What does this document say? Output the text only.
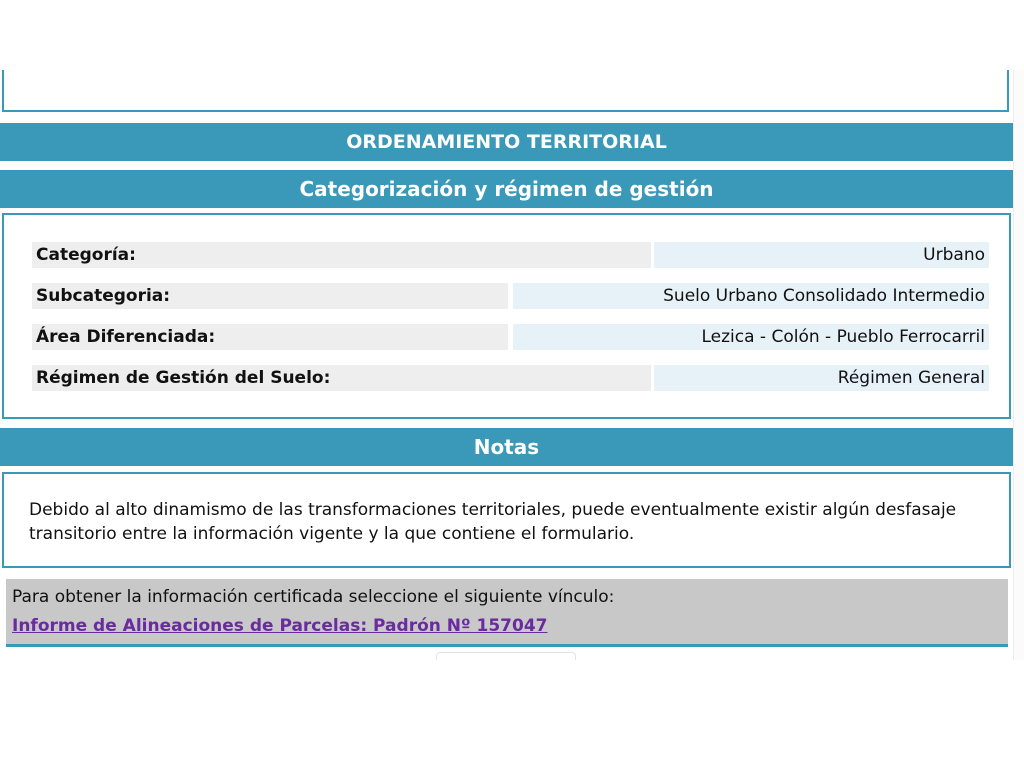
ORDENAMIENTO TERRITORIAL
Categorización y régimen de gestión
Categoría:	Urbano
Subcategoria:	Suelo Urbano Consolidado Intermedio
Área Diferenciada:	Lezica - Colón - Pueblo Ferrocarril
Régimen de Gestión del Suelo:	Régimen General
Notas
Debido al alto dinamismo de las transformaciones territoriales, puede eventualmente existir algún desfasaje transitorio entre la información vigente y la que contiene el formulario.
Para obtener la información certificada seleccione el siguiente vínculo:
Informe de Alineaciones de Parcelas: Padrón Nº 157047
